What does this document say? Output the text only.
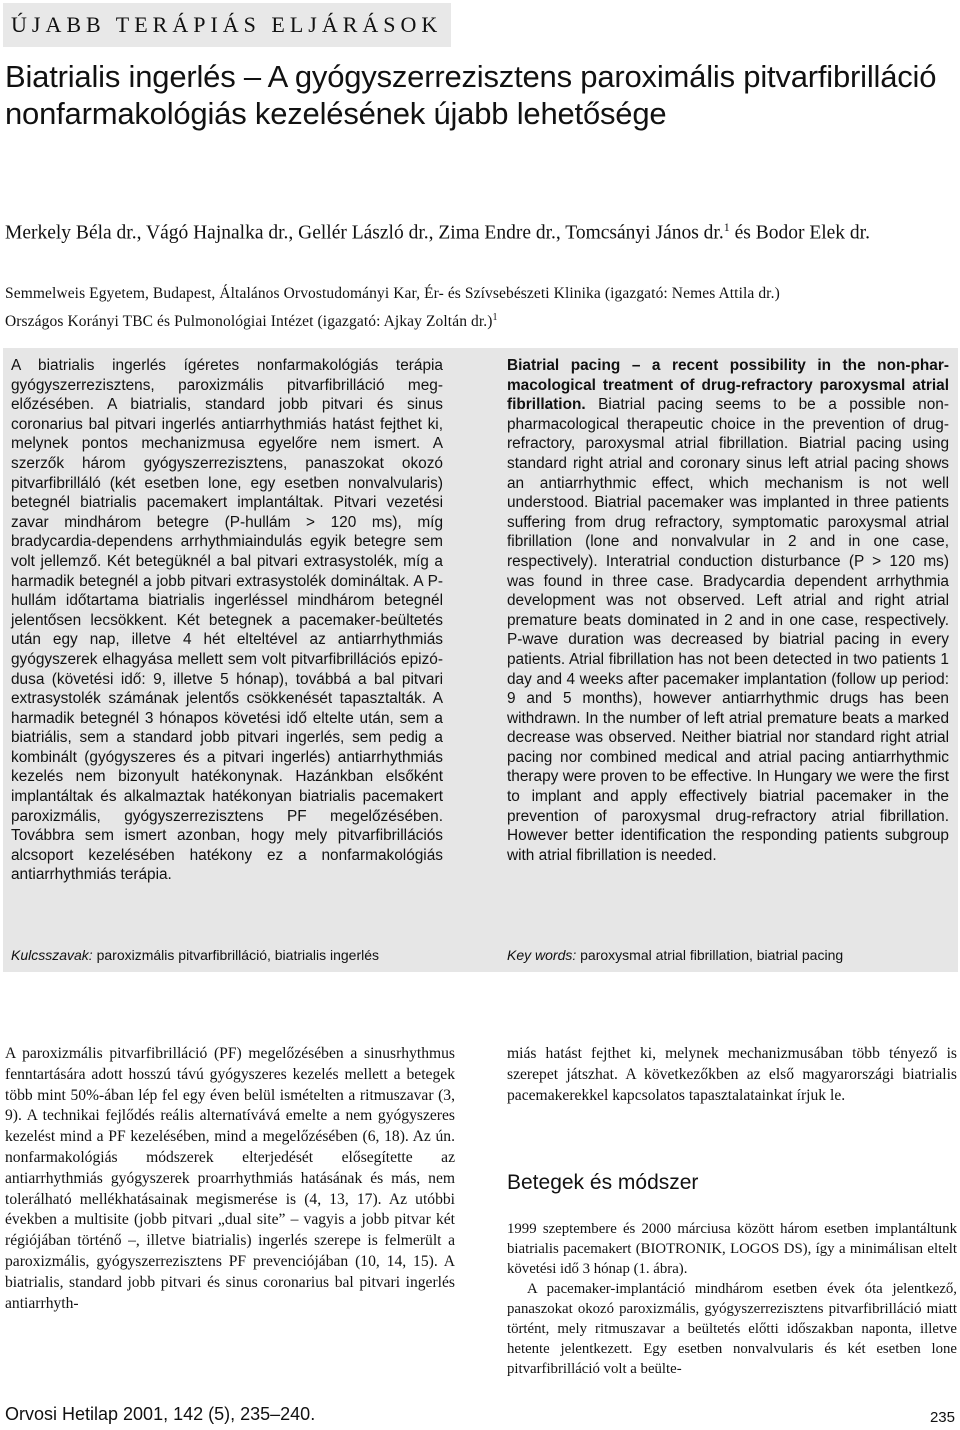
ÚJABB TERÁPIÁS ELJÁRÁSOK
Biatrialis ingerlés – A gyógyszerrezisztens paroximális pitvarfibrilláció nonfarmakológiás kezelésének újabb lehetősége
Merkely Béla dr., Vágó Hajnalka dr., Gellér László dr., Zima Endre dr., Tomcsányi János dr.$^1$ és Bodor Elek dr.
Semmelweis Egyetem, Budapest, Általános Orvostudományi Kar, Ér- és Szívsebészeti Klinika (igazgató: Nemes Attila dr.)
Országos Korányi TBC és Pulmonológiai Intézet (igazgató: Ajkay Zoltán dr.)$^1$
A biatrialis ingerlés ígéretes nonfarmakológiás terápia gyógyszerrezisztens, paroxizmális pitvarfibrilláció megelőzésében. A biatrialis, standard jobb pitvari és sinus coronarius bal pitvari ingerlés antiarrhythmiás hatást fejthet ki, melynek pontos mechanizmusa egyelőre nem ismert. A szerzők három gyógyszerrezisztens, panaszokat okozó pitvarfibrilláló (két esetben lone, egy esetben nonvalvularis) betegnél biatrialis pacemakert implantáltak. Pitvari vezetési zavar mindhárom betegre (P-hullám > 120 ms), míg bradycardia-dependens arrhythmiaindulás egyik betegre sem volt jellemző. Két betegüknél a bal pitvari extrasystolék, míg a harmadik betegnél a jobb pitvari extrasystolék domináltak. A P-hullám időtartama biatrialis ingerléssel mindhárom betegnél jelentősen lecsökkent. Két betegnek a pacemaker-beültetés után egy nap, illetve 4 hét elteltével az antiarrhythmiás gyógyszerek elhagyása mellett sem volt pitvarfibrillációs epizódusa (követési idő: 9, illetve 5 hónap), továbbá a bal pitvari extrasystolék számának jelentős csökkenését tapasztalták. A harmadik betegnél 3 hónapos követési idő eltelte után, sem a biatriális, sem a standard jobb pitvari ingerlés, sem pedig a kombinált (gyógyszeres és a pitvari ingerlés) antiarrhythmiás kezelés nem bizonyult hatékonynak. Hazánkban elsőként implantáltak és alkalmaztak hatékonyan biatrialis pacemakert paroxizmális, gyógyszerrezisztens PF megelőzésében. Továbbra sem ismert azonban, hogy mely pitvarfibrillációs alcsoport kezelésében hatékony ez a nonfarmakológiás antiarrhythmiás terápia.
Biatrial pacing – a recent possibility in the non-pharmacological treatment of drug-refractory paroxysmal atrial fibrillation. Biatrial pacing seems to be a possible non-pharmacological therapeutic choice in the prevention of drug-refractory, paroxysmal atrial fibrillation. Biatrial pacing using standard right atrial and coronary sinus left atrial pacing shows an antiarrhythmic effect, which mechanism is not well understood. Biatrial pacemaker was implanted in three patients suffering from drug refractory, symptomatic paroxysmal atrial fibrillation (lone and nonvalvular in 2 and in one case, respectively). Interatrial conduction disturbance (P > 120 ms) was found in three case. Bradycardia dependent arrhythmia development was not observed. Left atrial and right atrial premature beats dominated in 2 and in one case, respectively. P-wave duration was decreased by biatrial pacing in every patients. Atrial fibrillation has not been detected in two patients 1 day and 4 weeks after pacemaker implantation (follow up period: 9 and 5 months), however antiarrhythmic drugs has been withdrawn. In the number of left atrial premature beats a marked decrease was observed. Neither biatrial nor standard right atrial pacing nor combined medical and atrial pacing antiarrhythmic therapy were proven to be effective. In Hungary we were the first to implant and apply effectively biatrial pacemaker in the prevention of paroxysmal drug-refractory atrial fibrillation. However better identification the responding patients subgroup with atrial fibrillation is needed.
Kulcsszavak: paroxizmális pitvarfibrilláció, biatrialis ingerlés	Key words: paroxysmal atrial fibrillation, biatrial pacing
A paroxizmális pitvarfibrilláció (PF) megelőzésében a sinusrhythmus fenntartására adott hosszú távú gyógyszeres kezelés mellett a betegek több mint 50%-ában lép fel egy éven belül ismételten a ritmuszavar (3, 9). A technikai fejlődés reális alternatívává emelte a nem gyógyszeres kezelést mind a PF kezelésében, mind a megelőzésében (6, 18). Az ún. nonfarmakológiás módszerek elterjedését elősegítette az antiarrhythmiás gyógyszerek proarrhythmiás hatásának és más, nem tolerálható mellékhatásainak megismerése is (4, 13, 17). Az utóbbi években a multisite (jobb pitvari „dual site” – vagyis a jobb pitvar két régiójában történő –, illetve biatrialis) ingerlés szerepe is felmerült a paroxizmális, gyógyszerrezisztens PF prevenciójában (10, 14, 15). A biatrialis, standard jobb pitvari és sinus coronarius bal pitvari ingerlés antiarrhyth-
miás hatást fejthet ki, melynek mechanizmusában több tényező is szerepet játszhat. A következőkben az első magyarországi biatrialis pacemakerekkel kapcsolatos tapasztalatainkat írjuk le.
Betegek és módszer

1999 szeptembere és 2000 márciusa között három esetben implantáltunk biatrialis pacemakert (BIOTRONIK, LOGOS DS), így a minimálisan eltelt követési idő 3 hónap (1. ábra).

A pacemaker-implantáció mindhárom esetben évek óta jelentkező, panaszokat okozó paroxizmális, gyógyszerrezisztens pitvarfibrilláció miatt történt, mely ritmuszavar a beültetés előtti időszakban naponta, illetve hetente jelentkezett. Egy esetben nonvalvularis és két esetben lone pitvarfibrilláció volt a beülte-

Orvosi Hetilap 2001, 142 (5), 235–240.	235
